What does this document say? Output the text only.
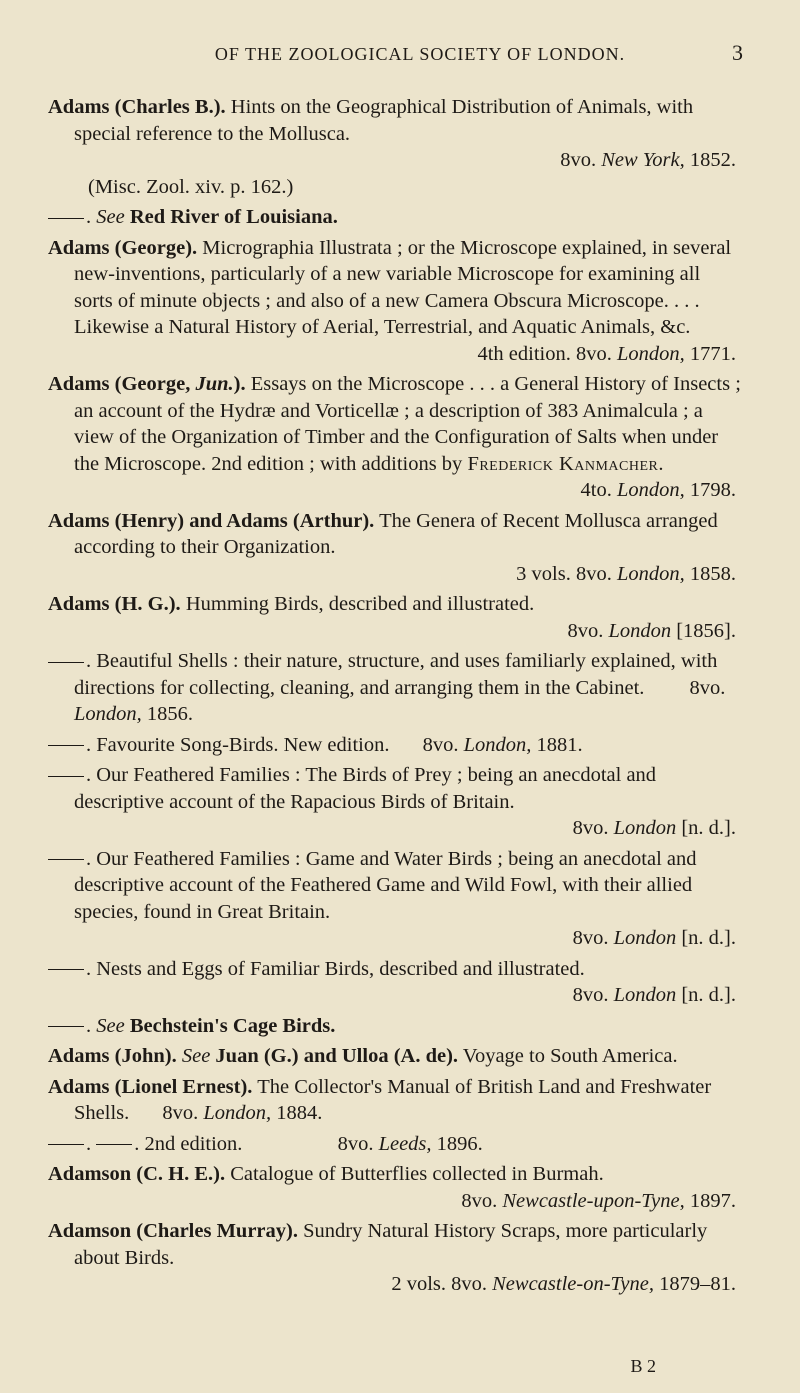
OF THE ZOOLOGICAL SOCIETY OF LONDON.	3
Adams (Charles B.). Hints on the Geographical Distribution of Animals, with special reference to the Mollusca.
8vo. New York, 1852.
(Misc. Zool. xiv. p. 162.)
. See Red River of Louisiana.
Adams (George). Micrographia Illustrata ; or the Microscope explained, in several new-inventions, particularly of a new variable Microscope for examining all sorts of minute objects ; and also of a new Camera Obscura Microscope. . . . Likewise a Natural History of Aerial, Terrestrial, and Aquatic Animals, &c.
4th edition. 8vo. London, 1771.
Adams (George, Jun.). Essays on the Microscope . . . a General History of Insects ; an account of the Hydræ and Vorticellæ ; a description of 383 Animalcula ; a view of the Organization of Timber and the Configuration of Salts when under the Microscope. 2nd edition ; with additions by Frederick Kanmacher.
4to. London, 1798.
Adams (Henry) and Adams (Arthur). The Genera of Recent Mollusca arranged according to their Organization.
3 vols. 8vo. London, 1858.
Adams (H. G.). Humming Birds, described and illustrated.
8vo. London [1856].
. Beautiful Shells : their nature, structure, and uses familiarly explained, with directions for collecting, cleaning, and arranging them in the Cabinet. 8vo. London, 1856.
. Favourite Song-Birds. New edition. 8vo. London, 1881.
. Our Feathered Families : The Birds of Prey ; being an anecdotal and descriptive account of the Rapacious Birds of Britain.
8vo. London [n. d.].
. Our Feathered Families : Game and Water Birds ; being an anecdotal and descriptive account of the Feathered Game and Wild Fowl, with their allied species, found in Great Britain.
8vo. London [n. d.].
. Nests and Eggs of Familiar Birds, described and illustrated.
8vo. London [n. d.].
. See Bechstein's Cage Birds.
Adams (John). See Juan (G.) and Ulloa (A. de). Voyage to South America.
Adams (Lionel Ernest). The Collector's Manual of British Land and Freshwater Shells. 8vo. London, 1884.
. . 2nd edition.	8vo. Leeds, 1896.
Adamson (C. H. E.). Catalogue of Butterflies collected in Burmah.
8vo. Newcastle-upon-Tyne, 1897.
Adamson (Charles Murray). Sundry Natural History Scraps, more particularly about Birds.
2 vols. 8vo. Newcastle-on-Tyne, 1879–81.
B 2
